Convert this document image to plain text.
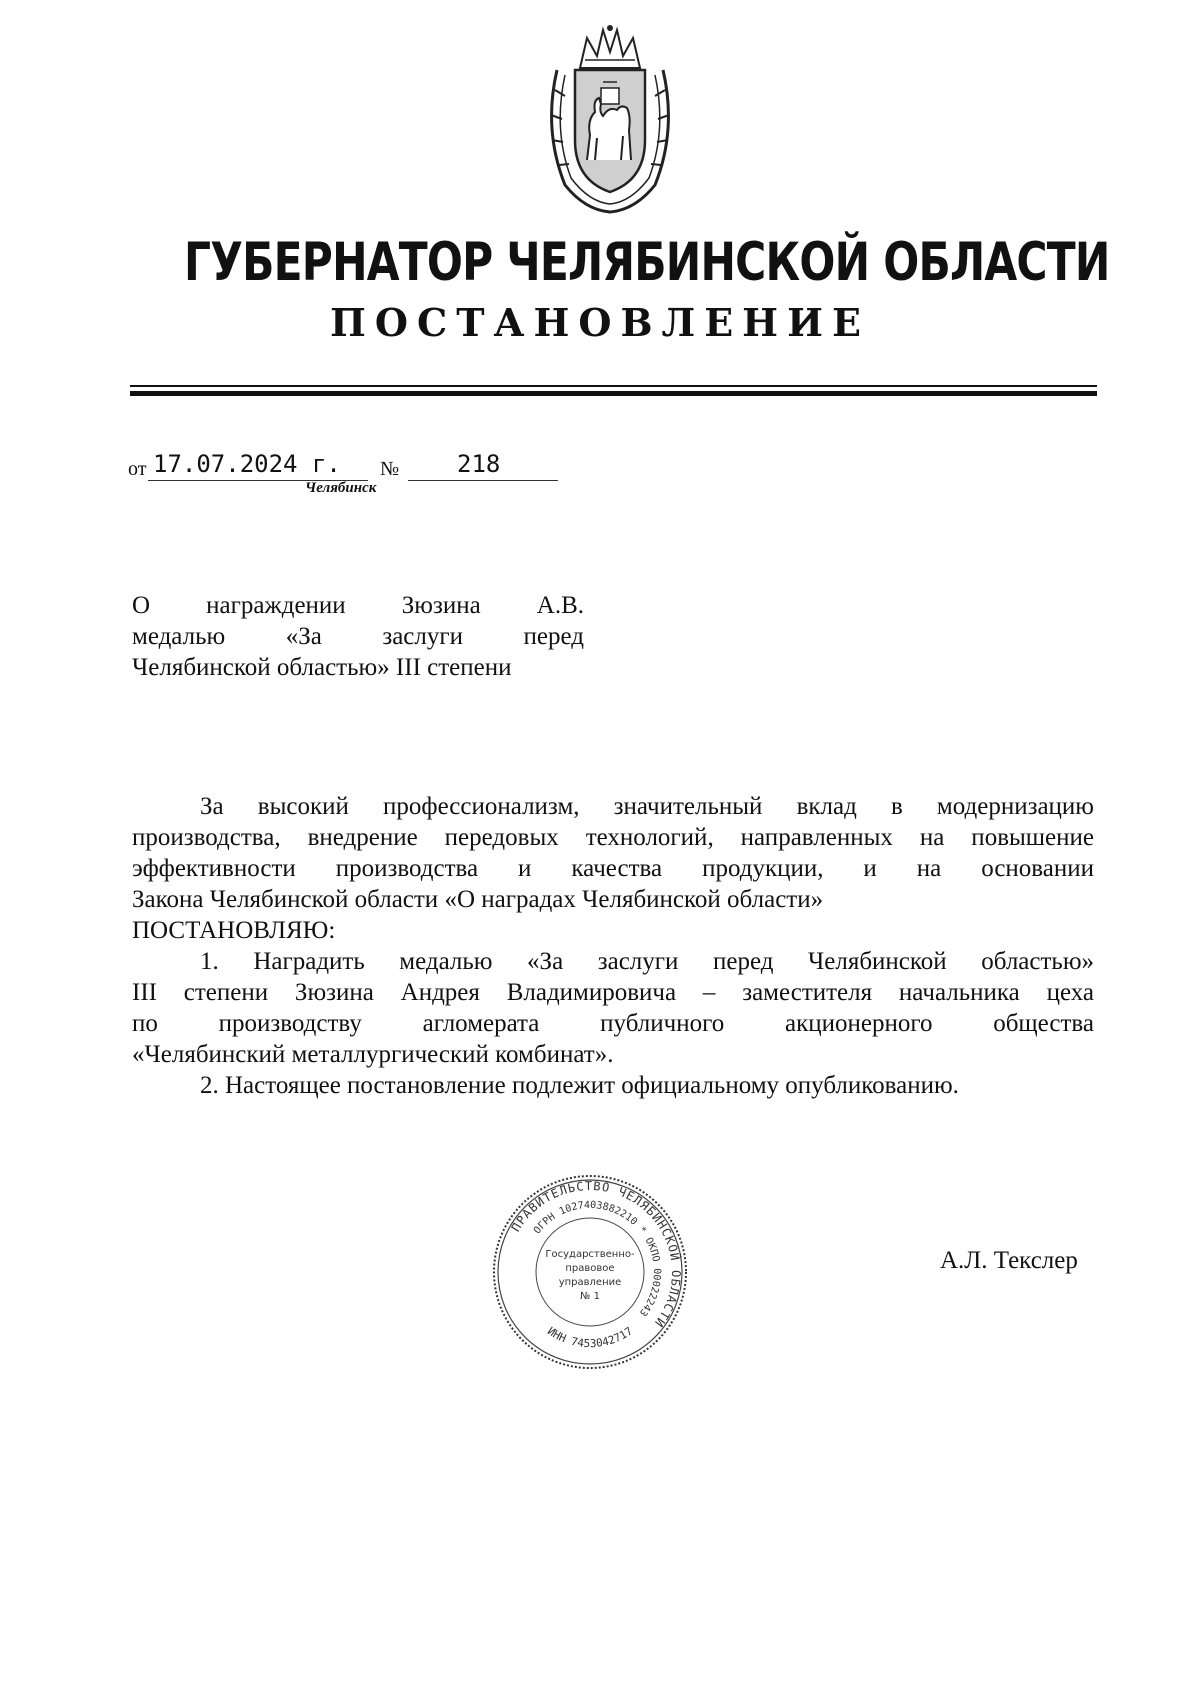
ГУБЕРНАТОР ЧЕЛЯБИНСКОЙ ОБЛАСТИ
ПОСТАНОВЛЕНИЕ
от 17.07.2024 г. № 218
Челябинск
О награждении Зюзина А.В.
медалью «За заслуги перед
Челябинской областью» III степени
За высокий профессионализм, значительный вклад в модернизацию
производства, внедрение передовых технологий, направленных на повышение
эффективности производства и качества продукции, и на основании
Закона Челябинской области «О наградах Челябинской области»
ПОСТАНОВЛЯЮ:
1. Наградить медалью «За заслуги перед Челябинской областью»
III степени Зюзина Андрея Владимировича – заместителя начальника цеха
по производству агломерата публичного акционерного общества
«Челябинский металлургический комбинат».
2. Настоящее постановление подлежит официальному опубликованию.
ПРАВИТЕЛЬСТВО ЧЕЛЯБИНСКОЙ ОБЛАСТИ
ОГРН 1027403882210 * ОКПО 00022243
ИНН 7453042717
Государственно-
правовое
управление
№ 1
А.Л. Текслер
